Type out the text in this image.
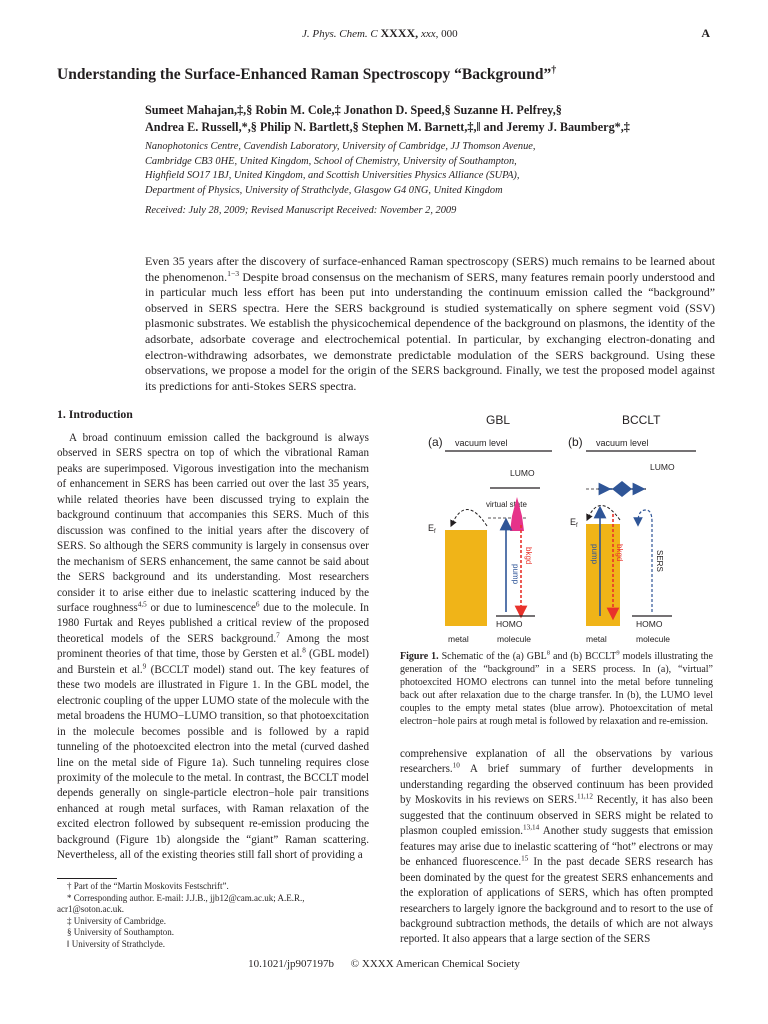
J. Phys. Chem. C XXXX, xxx, 000	A
Understanding the Surface-Enhanced Raman Spectroscopy “Background”†
Sumeet Mahajan,‡,§ Robin M. Cole,‡ Jonathon D. Speed,§ Suzanne H. Pelfrey,§
Andrea E. Russell,*,§ Philip N. Bartlett,§ Stephen M. Barnett,‡,‖ and Jeremy J. Baumberg*,‡
Nanophotonics Centre, Cavendish Laboratory, University of Cambridge, JJ Thomson Avenue,
Cambridge CB3 0HE, United Kingdom, School of Chemistry, University of Southampton,
Highfield SO17 1BJ, United Kingdom, and Scottish Universities Physics Alliance (SUPA),
Department of Physics, University of Strathclyde, Glasgow G4 0NG, United Kingdom
Received: July 28, 2009; Revised Manuscript Received: November 2, 2009
Even 35 years after the discovery of surface-enhanced Raman spectroscopy (SERS) much remains to be learned about the phenomenon.$^{1-3}$ Despite broad consensus on the mechanism of SERS, many features remain poorly understood and in particular much less effort has been put into understanding the continuum emission called the “background” observed in SERS spectra. Here the SERS background is studied systematically on sphere segment void (SSV) plasmonic substrates. We establish the physicochemical dependence of the background on plasmons, the identity of the adsorbate, adsorbate coverage and electrochemical potential. In particular, by exchanging electron-donating and electron-withdrawing adsorbates, we demonstrate predictable modulation of the SERS background. Using these observations, we propose a model for the origin of the SERS background. Finally, we test the proposed model against its predictions for anti-Stokes SERS spectra.
1. Introduction

A broad continuum emission called the background is always observed in SERS spectra on top of which the vibrational Raman peaks are superimposed. Vigorous investigation into the mechanism of enhancement in SERS has been carried out over the last 35 years, while related theories have been discussed trying to explain the background continuum that accompanies this SERS. Much of this discussion was confined to the initial years after the discovery of SERS. So although the SERS community is largely in consensus over the mechanism of SERS enhancement, the same cannot be said about the SERS background and its understanding. Most researchers consider it to arise either due to inelastic scattering induced by the surface roughness$^{4,5}$ or due to luminescence$^6$ due to the molecule. In 1980 Furtak and Reyes published a critical review of the proposed theoretical models of the SERS background.$^7$ Among the most prominent theories of that time, those by Gersten et al.$^8$ (GBL model) and Burstein et al.$^9$ (BCCLT model) stand out. The key features of these two models are illustrated in Figure 1. In the GBL model, the electronic coupling of the upper LUMO state of the molecule with the metal broadens the HUMO−LUMO transition, so that photoexcitation in the molecule becomes possible and is followed by a rapid tunneling of the photoexcited electron into the metal (curved dashed line on the metal side of Figure 1a). Such tunneling requires close proximity of the molecule to the metal. In contrast, the BCCLT model depends generally on single-particle electron−hole pair transitions enhanced at rough metal surfaces, with Raman relaxation of the excited electron followed by subsequent re-emission producing the background (Figure 1b) alongside the “giant” Raman scattering. Nevertheless, all of the existing theories still fall short of providing a

GBL	BCCLT
(a) vacuum level
LUMO
virtual state
$E_f$
pump
bkgd
HOMO
metal	molecule
(b) vacuum level
LUMO
$E_f$
pump bkgd	SERS
HOMO
metal	molecule
Figure 1. Schematic of the (a) GBL$^8$ and (b) BCCLT$^9$ models illustrating the generation of the “background” in a SERS process. In (a), “virtual” photoexcited HOMO electrons can tunnel into the metal before tunneling back out after relaxation due to the charge transfer. In (b), the LUMO level couples to the empty metal states (blue arrow). Photoexcitation of metal electron−hole pairs at rough metal is followed by relaxation and re-emission.

comprehensive explanation of all the observations by various researchers.$^{10}$ A brief summary of further developments in understanding regarding the observed continuum has been provided by Moskovits in his reviews on SERS.$^{11,12}$ Recently, it has also been suggested that the continuum observed in SERS might be related to plasmon coupled emission.$^{13,14}$ Another study suggests that emission features may arise due to inelastic scattering of “hot” electrons or may be enhanced fluorescence.$^{15}$ In the past decade SERS research has been dominated by the quest for the greatest SERS enhancements and the exploration of applications of SERS, which has often prompted researchers to largely ignore the background and to resort to the use of background subtraction methods, the details of which are not always reported. It also appears that a large section of the SERS

† Part of the “Martin Moskovits Festschrift”.
* Corresponding author. E-mail: J.J.B., jjb12@cam.ac.uk; A.E.R., acr1@soton.ac.uk.
‡ University of Cambridge.
§ University of Southampton.
‖ University of Strathclyde.
10.1021/jp907197b © XXXX American Chemical Society
